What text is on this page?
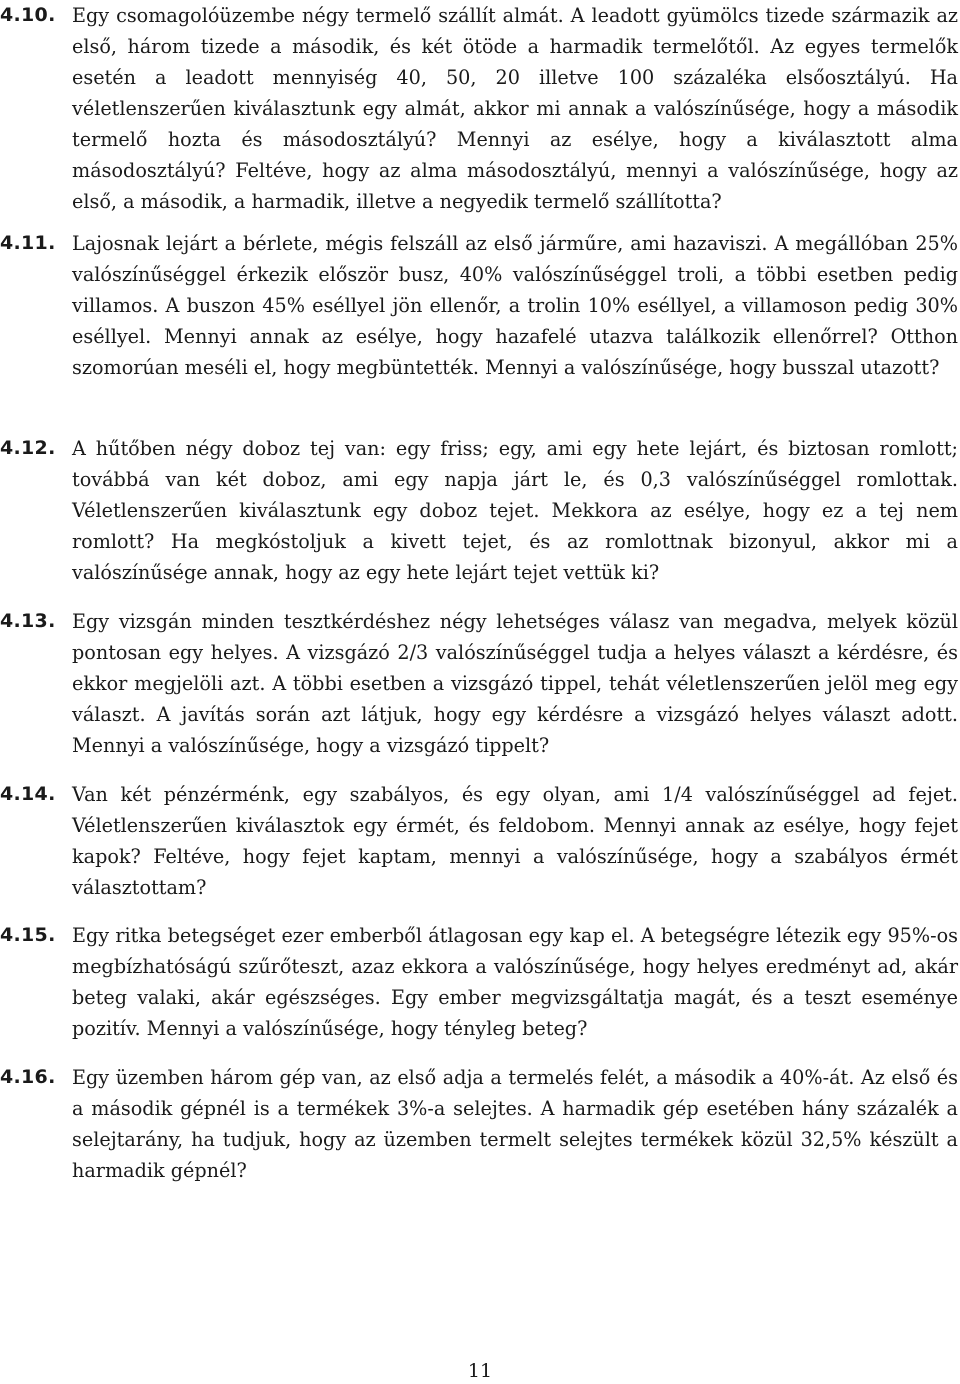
4.10. Egy csomagolóüzembe négy termelő szállít almát. A leadott gyümölcs tizede származik az első, három tizede a második, és két ötöde a harmadik termelőtől. Az egyes termelők esetén a leadott mennyiség 40, 50, 20 illetve 100 százaléka elsőosztályú. Ha véletlenszerűen kiválasztunk egy almát, akkor mi annak a valószínűsége, hogy a második termelő hozta és másodosztályú? Mennyi az esélye, hogy a kiválasztott alma másodosztályú? Feltéve, hogy az alma másodosztályú, mennyi a valószínűsége, hogy az első, a második, a harmadik, illetve a negyedik termelő szállította?
4.11. Lajosnak lejárt a bérlete, mégis felszáll az első járműre, ami hazaviszi. A megállóban 25% valószínűséggel érkezik először busz, 40% valószínűséggel troli, a többi esetben pedig villamos. A buszon 45% eséllyel jön ellenőr, a trolin 10% eséllyel, a villamoson pedig 30% eséllyel. Mennyi annak az esélye, hogy hazafelé utazva találkozik ellenőrrel? Otthon szomorúan meséli el, hogy megbüntették. Mennyi a valószínűsége, hogy busszal utazott?
4.12. A hűtőben négy doboz tej van: egy friss; egy, ami egy hete lejárt, és biztosan romlott; továbbá van két doboz, ami egy napja járt le, és 0,3 valószínűséggel romlottak. Véletlenszerűen kiválasztunk egy doboz tejet. Mekkora az esélye, hogy ez a tej nem romlott? Ha megkóstoljuk a kivett tejet, és az romlottnak bizonyul, akkor mi a valószínűsége annak, hogy az egy hete lejárt tejet vettük ki?
4.13. Egy vizsgán minden tesztkérdéshez négy lehetséges válasz van megadva, melyek közül pontosan egy helyes. A vizsgázó 2/3 valószínűséggel tudja a helyes választ a kérdésre, és ekkor megjelöli azt. A többi esetben a vizsgázó tippel, tehát véletlenszerűen jelöl meg egy választ. A javítás során azt látjuk, hogy egy kérdésre a vizsgázó helyes választ adott. Mennyi a valószínűsége, hogy a vizsgázó tippelt?
4.14. Van két pénzérménk, egy szabályos, és egy olyan, ami 1/4 valószínűséggel ad fejet. Véletlenszerűen kiválasztok egy érmét, és feldobom. Mennyi annak az esélye, hogy fejet kapok? Feltéve, hogy fejet kaptam, mennyi a valószínűsége, hogy a szabályos érmét választottam?
4.15. Egy ritka betegséget ezer emberből átlagosan egy kap el. A betegségre létezik egy 95%-os megbízhatóságú szűrőteszt, azaz ekkora a valószínűsége, hogy helyes eredményt ad, akár beteg valaki, akár egészséges. Egy ember megvizsgáltatja magát, és a teszt eseménye pozitív. Mennyi a valószínűsége, hogy tényleg beteg?
4.16. Egy üzemben három gép van, az első adja a termelés felét, a második a 40%-át. Az első és a második gépnél is a termékek 3%-a selejtes. A harmadik gép esetében hány százalék a selejtarány, ha tudjuk, hogy az üzemben termelt selejtes termékek közül 32,5% készült a harmadik gépnél?
11
